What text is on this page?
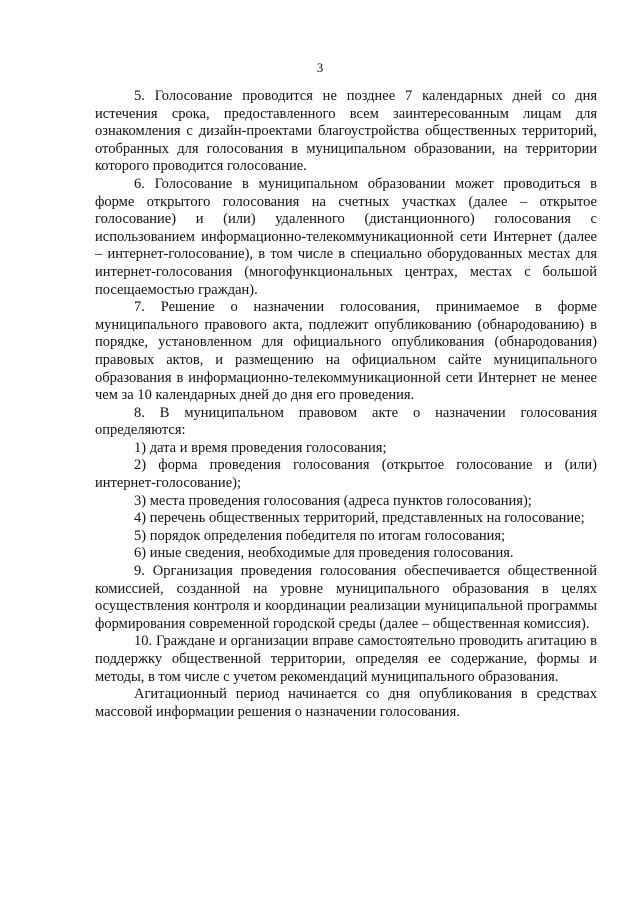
3

5. Голосование проводится не позднее 7 календарных дней со дня истечения срока, предоставленного всем заинтересованным лицам для ознакомления с дизайн-проектами благоустройства общественных территорий, отобранных для голосования в муниципальном образовании, на территории которого проводится голосование.

6. Голосование в муниципальном образовании может проводиться в форме открытого голосования на счетных участках (далее – открытое голосование) и (или) удаленного (дистанционного) голосования с использованием информационно-телекоммуникационной сети Интернет (далее – интернет-голосование), в том числе в специально оборудованных местах для интернет-голосования (многофункциональных центрах, местах с большой посещаемостью граждан).

7. Решение о назначении голосования, принимаемое в форме муниципального правового акта, подлежит опубликованию (обнародованию) в порядке, установленном для официального опубликования (обнародования) правовых актов, и размещению на официальном сайте муниципального образования в информационно-телекоммуникационной сети Интернет не менее чем за 10 календарных дней до дня его проведения.

8. В муниципальном правовом акте о назначении голосования определяются:

1) дата и время проведения голосования;

2) форма проведения голосования (открытое голосование и (или) интернет-голосование);

3) места проведения голосования (адреса пунктов голосования);

4) перечень общественных территорий, представленных на голосование;

5) порядок определения победителя по итогам голосования;

6) иные сведения, необходимые для проведения голосования.

9. Организация проведения голосования обеспечивается общественной комиссией, созданной на уровне муниципального образования в целях осуществления контроля и координации реализации муниципальной программы формирования современной городской среды (далее – общественная комиссия).

10. Граждане и организации вправе самостоятельно проводить агитацию в поддержку общественной территории, определяя ее содержание, формы и методы, в том числе с учетом рекомендаций муниципального образования.

Агитационный период начинается со дня опубликования в средствах массовой информации решения о назначении голосования.
